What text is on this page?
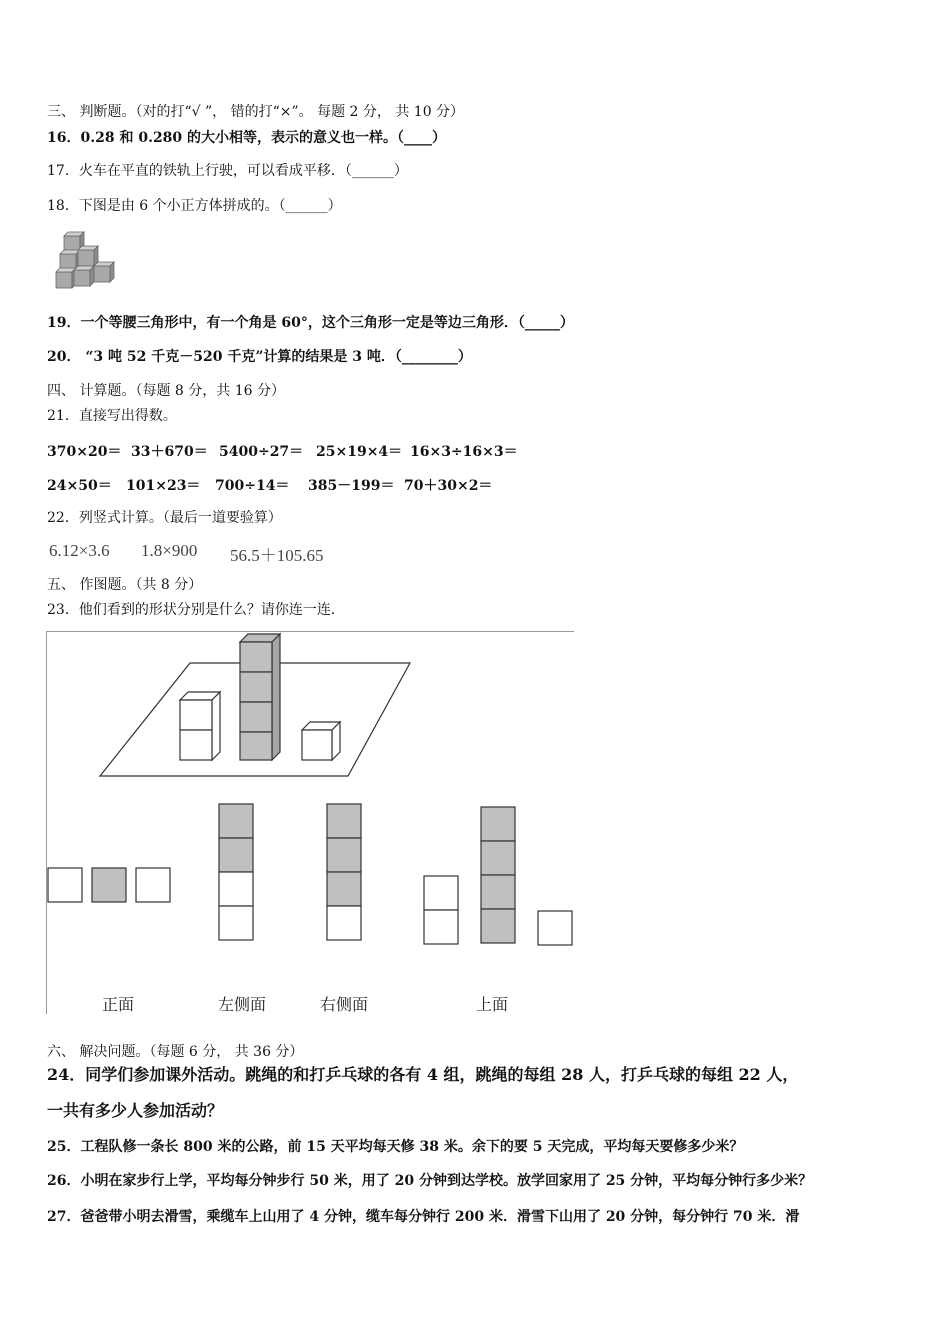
三、 判断题。（对的打“√ ”， 错的打“×”。 每题 2 分， 共 10 分）
16．0.28 和 0.280 的大小相等，表示的意义也一样。（____）
17．火车在平直的铁轨上行驶，可以看成平移．（______）
18．下图是由 6 个小正方体拼成的。（______）
19．一个等腰三角形中，有一个角是 60°，这个三角形一定是等边三角形．（_____）
20． “3 吨 52 千克－520 千克”计算的结果是 3 吨．（________）
四、 计算题。（每题 8 分，共 16 分）
21．直接写出得数。
370×20＝ 33＋670＝ 5400÷27＝ 25×19×4＝ 16×3÷16×3＝
24×50＝ 101×23＝ 700÷14＝ 385－199＝ 70＋30×2＝
22．列竖式计算。（最后一道要验算）
6.12×3.6 1.8×900 56.5＋105.65
五、 作图题。（共 8 分）
23．他们看到的形状分别是什么？请你连一连.
正面	左侧面	右侧面	上面
六、 解决问题。（每题 6 分， 共 36 分）
24．同学们参加课外活动。跳绳的和打乒乓球的各有 4 组，跳绳的每组 28 人，打乒乓球的每组 22 人，
一共有多少人参加活动？
25．工程队修一条长 800 米的公路，前 15 天平均每天修 38 米。余下的要 5 天完成，平均每天要修多少米？
26．小明在家步行上学，平均每分钟步行 50 米，用了 20 分钟到达学校。放学回家用了 25 分钟，平均每分钟行多少米？
27．爸爸带小明去滑雪，乘缆车上山用了 4 分钟，缆车每分钟行 200 米．滑雪下山用了 20 分钟，每分钟行 70 米．滑
